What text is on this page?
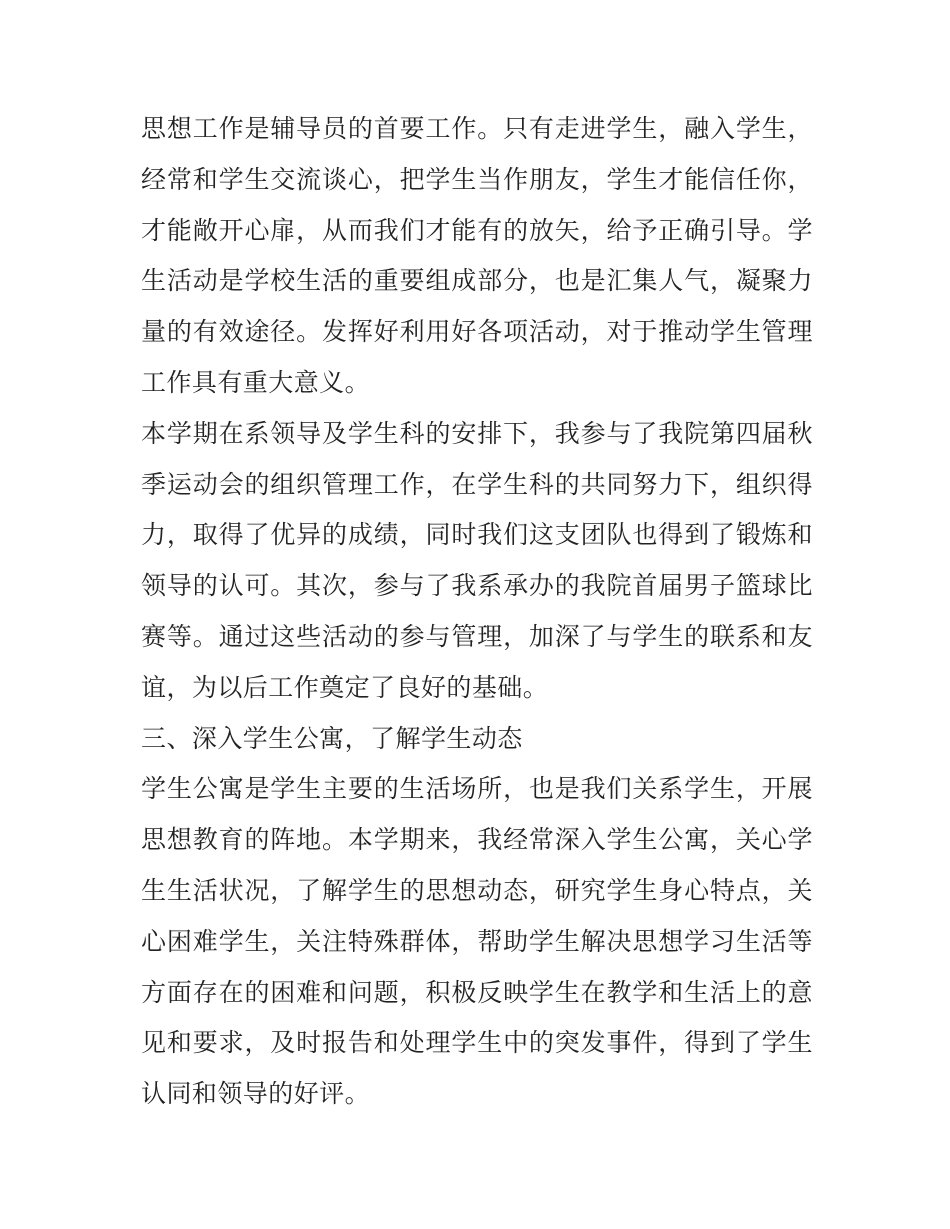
思想工作是辅导员的首要工作。只有走进学生，融入学生，经常和学生交流谈心，把学生当作朋友，学生才能信任你，才能敞开心扉，从而我们才能有的放矢，给予正确引导。学生活动是学校生活的重要组成部分，也是汇集人气，凝聚力量的有效途径。发挥好利用好各项活动，对于推动学生管理工作具有重大意义。

本学期在系领导及学生科的安排下，我参与了我院第四届秋季运动会的组织管理工作，在学生科的共同努力下，组织得力，取得了优异的成绩，同时我们这支团队也得到了锻炼和领导的认可。其次，参与了我系承办的我院首届男子篮球比赛等。通过这些活动的参与管理，加深了与学生的联系和友谊，为以后工作奠定了良好的基础。

三、深入学生公寓，了解学生动态

学生公寓是学生主要的生活场所，也是我们关系学生，开展思想教育的阵地。本学期来，我经常深入学生公寓，关心学生生活状况，了解学生的思想动态，研究学生身心特点，关心困难学生，关注特殊群体，帮助学生解决思想学习生活等方面存在的困难和问题，积极反映学生在教学和生活上的意见和要求，及时报告和处理学生中的突发事件，得到了学生认同和领导的好评。
